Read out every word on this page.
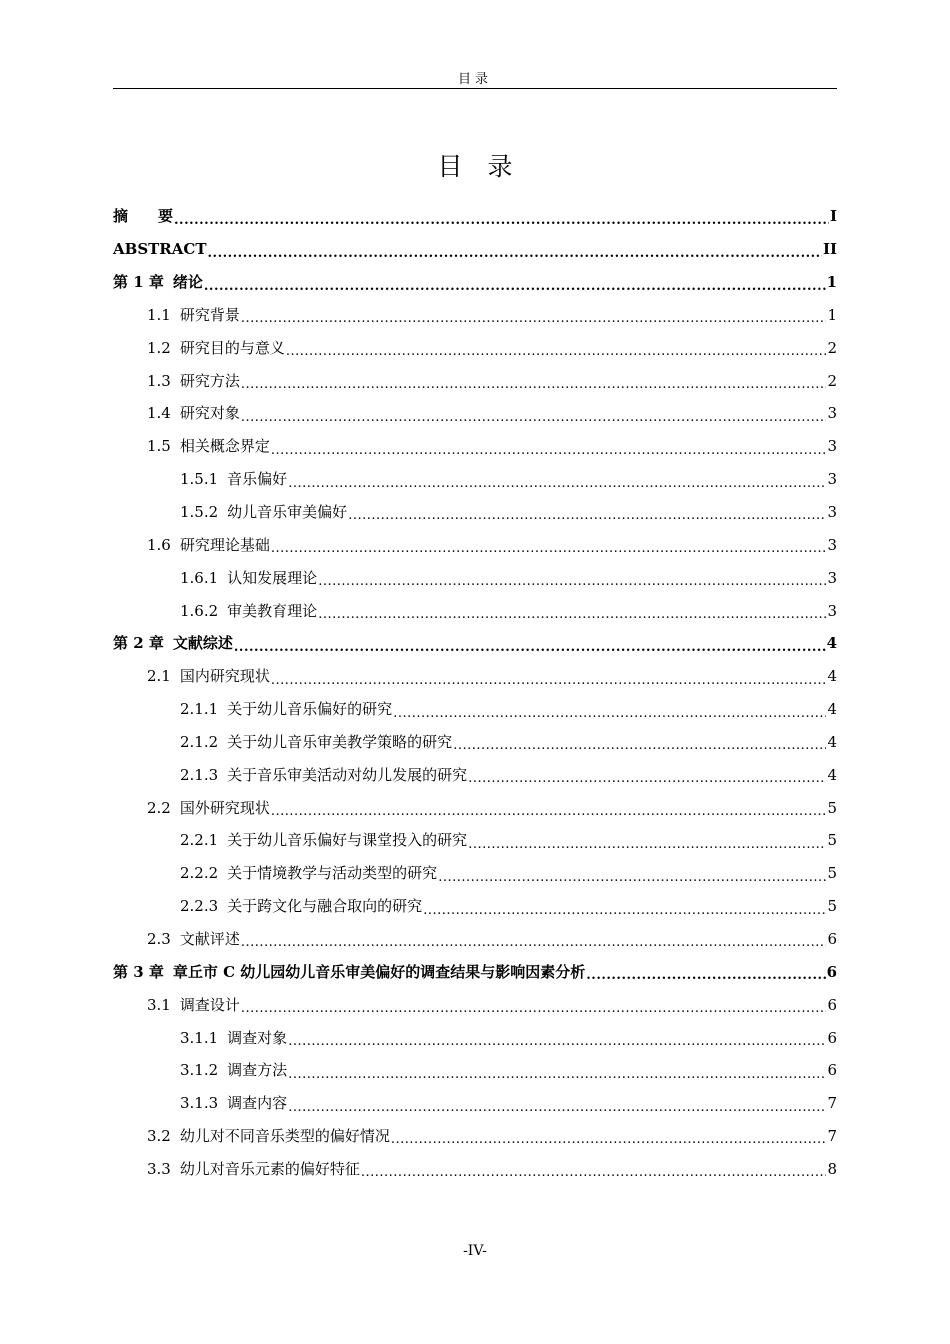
目录
目　录
摘　　要 .....	I
ABSTRACT .....	II
第 1 章 绪论 .....	1
1.1 研究背景 .....	1
1.2 研究目的与意义 .....	2
1.3 研究方法 .....	2
1.4 研究对象 .....	3
1.5 相关概念界定 .....	3
1.5.1 音乐偏好 .....	3
1.5.2 幼儿音乐审美偏好 .....	3
1.6 研究理论基础 .....	3
1.6.1 认知发展理论 .....	3
1.6.2 审美教育理论 .....	3
第 2 章 文献综述 .....	4
2.1 国内研究现状 .....	4
2.1.1 关于幼儿音乐偏好的研究 .....	4
2.1.2 关于幼儿音乐审美教学策略的研究 .....	4
2.1.3 关于音乐审美活动对幼儿发展的研究 .....	4
2.2 国外研究现状 .....	5
2.2.1 关于幼儿音乐偏好与课堂投入的研究 .....	5
2.2.2 关于情境教学与活动类型的研究 .....	5
2.2.3 关于跨文化与融合取向的研究 .....	5
2.3 文献评述 .....	6
第 3 章 章丘市 C 幼儿园幼儿音乐审美偏好的调查结果与影响因素分析 .....	6
3.1 调查设计 .....	6
3.1.1 调查对象 .....	6
3.1.2 调查方法 .....	6
3.1.3 调查内容 .....	7
3.2 幼儿对不同音乐类型的偏好情况 .....	7
3.3 幼儿对音乐元素的偏好特征 .....	8
-IV-
